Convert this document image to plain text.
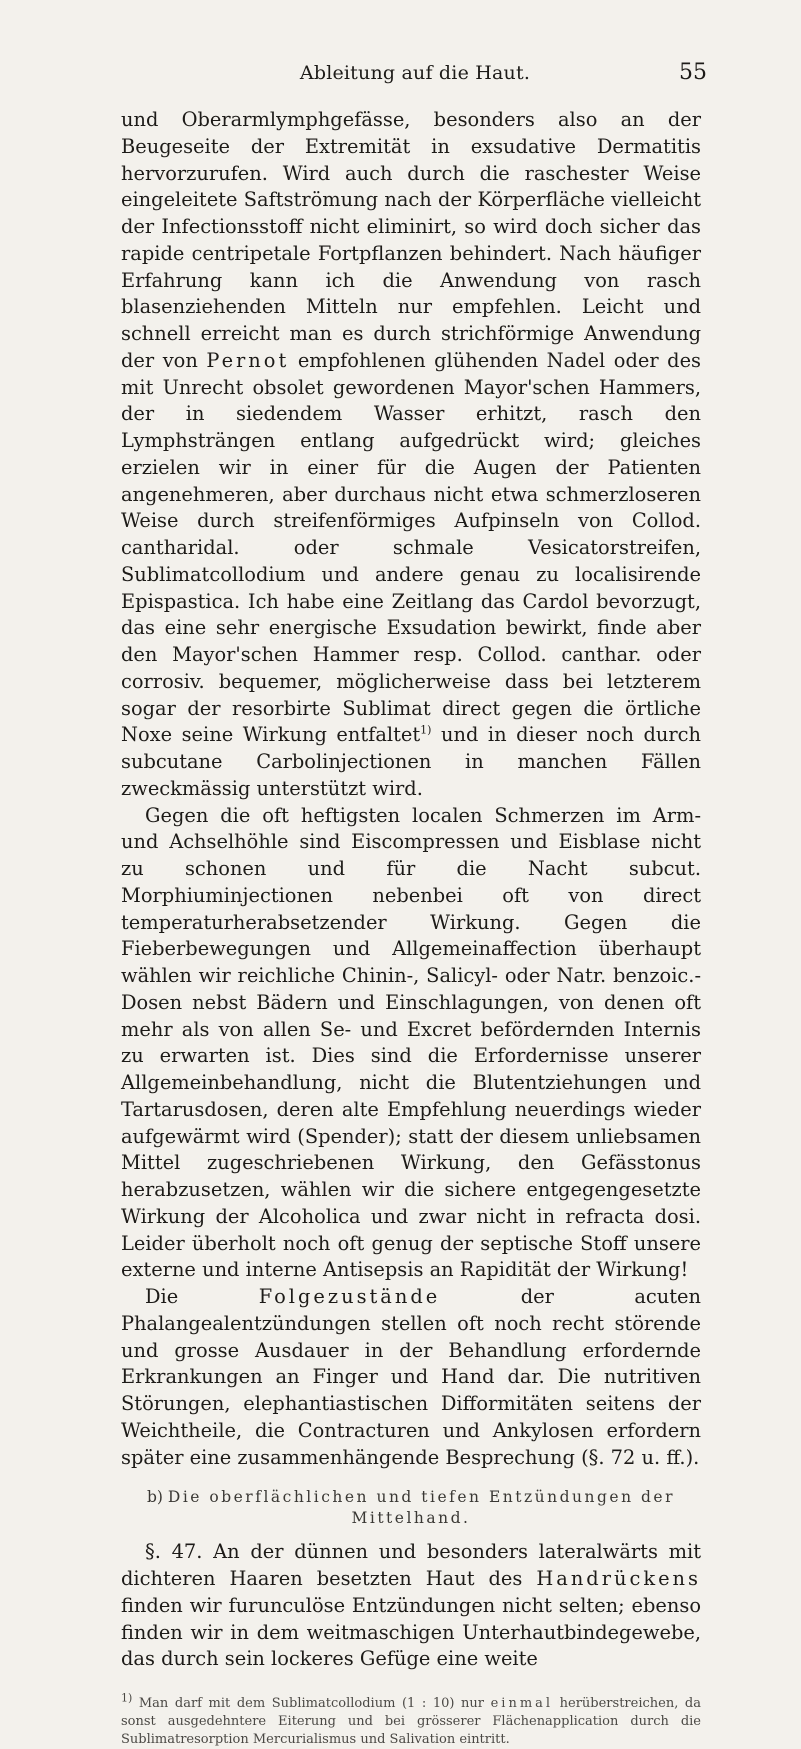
Ableitung auf die Haut.	55

und Oberarmlymphgefässe, besonders also an der Beugeseite der Extremität in exsudative Dermatitis hervorzurufen. Wird auch durch die raschester Weise eingeleitete Saftströmung nach der Körperfläche vielleicht der Infectionsstoff nicht eliminirt, so wird doch sicher das rapide centripetale Fortpflanzen behindert. Nach häufiger Erfahrung kann ich die Anwendung von rasch blasenziehenden Mitteln nur empfehlen. Leicht und schnell erreicht man es durch strichförmige Anwendung der von Pernot empfohlenen glühenden Nadel oder des mit Unrecht obsolet gewordenen Mayor'schen Hammers, der in siedendem Wasser erhitzt, rasch den Lymphsträngen entlang aufgedrückt wird; gleiches erzielen wir in einer für die Augen der Patienten angenehmeren, aber durchaus nicht etwa schmerzloseren Weise durch streifenförmiges Aufpinseln von Collod. cantharidal. oder schmale Vesicatorstreifen, Sublimatcollodium und andere genau zu localisirende Epispastica. Ich habe eine Zeitlang das Cardol bevorzugt, das eine sehr energische Exsudation bewirkt, finde aber den Mayor'schen Hammer resp. Collod. canthar. oder corrosiv. bequemer, möglicherweise dass bei letzterem sogar der resorbirte Sublimat direct gegen die örtliche Noxe seine Wirkung entfaltet$^{1)}$ und in dieser noch durch subcutane Carbolinjectionen in manchen Fällen zweckmässig unterstützt wird.

Gegen die oft heftigsten localen Schmerzen im Arm- und Achselhöhle sind Eiscompressen und Eisblase nicht zu schonen und für die Nacht subcut. Morphiuminjectionen nebenbei oft von direct temperaturherabsetzender Wirkung. Gegen die Fieberbewegungen und Allgemeinaffection überhaupt wählen wir reichliche Chinin-, Salicyl- oder Natr. benzoic.-Dosen nebst Bädern und Einschlagungen, von denen oft mehr als von allen Se- und Excret befördernden Internis zu erwarten ist. Dies sind die Erfordernisse unserer Allgemeinbehandlung, nicht die Blutentziehungen und Tartarusdosen, deren alte Empfehlung neuerdings wieder aufgewärmt wird (Spender); statt der diesem unliebsamen Mittel zugeschriebenen Wirkung, den Gefässtonus herabzusetzen, wählen wir die sichere entgegengesetzte Wirkung der Alcoholica und zwar nicht in refracta dosi. Leider überholt noch oft genug der septische Stoff unsere externe und interne Antisepsis an Rapidität der Wirkung!

Die	Folgezustände	der acuten Phalangealentzündungen stellen oft noch recht störende und grosse Ausdauer in der Behandlung erfordernde Erkrankungen an Finger und Hand dar. Die nutritiven Störungen, elephantiastischen Difformitäten seitens der Weichtheile, die Contracturen und Ankylosen erfordern später eine zusammenhängende Besprechung (§. 72 u. ff.).

b) Die oberflächlichen und tiefen Entzündungen der Mittelhand.

§. 47. An der dünnen und besonders lateralwärts mit dichteren Haaren besetzten Haut des Handrückens finden wir furunculöse Entzündungen nicht selten; ebenso finden wir in dem weitmaschigen Unterhautbindegewebe, das durch sein lockeres Gefüge eine weite

$^{1)}$ Man darf mit dem Sublimatcollodium (1 : 10) nur einmal herüberstreichen, da sonst ausgedehntere Eiterung und bei grösserer Flächenapplication durch die Sublimatresorption Mercurialismus und Salivation eintritt.
